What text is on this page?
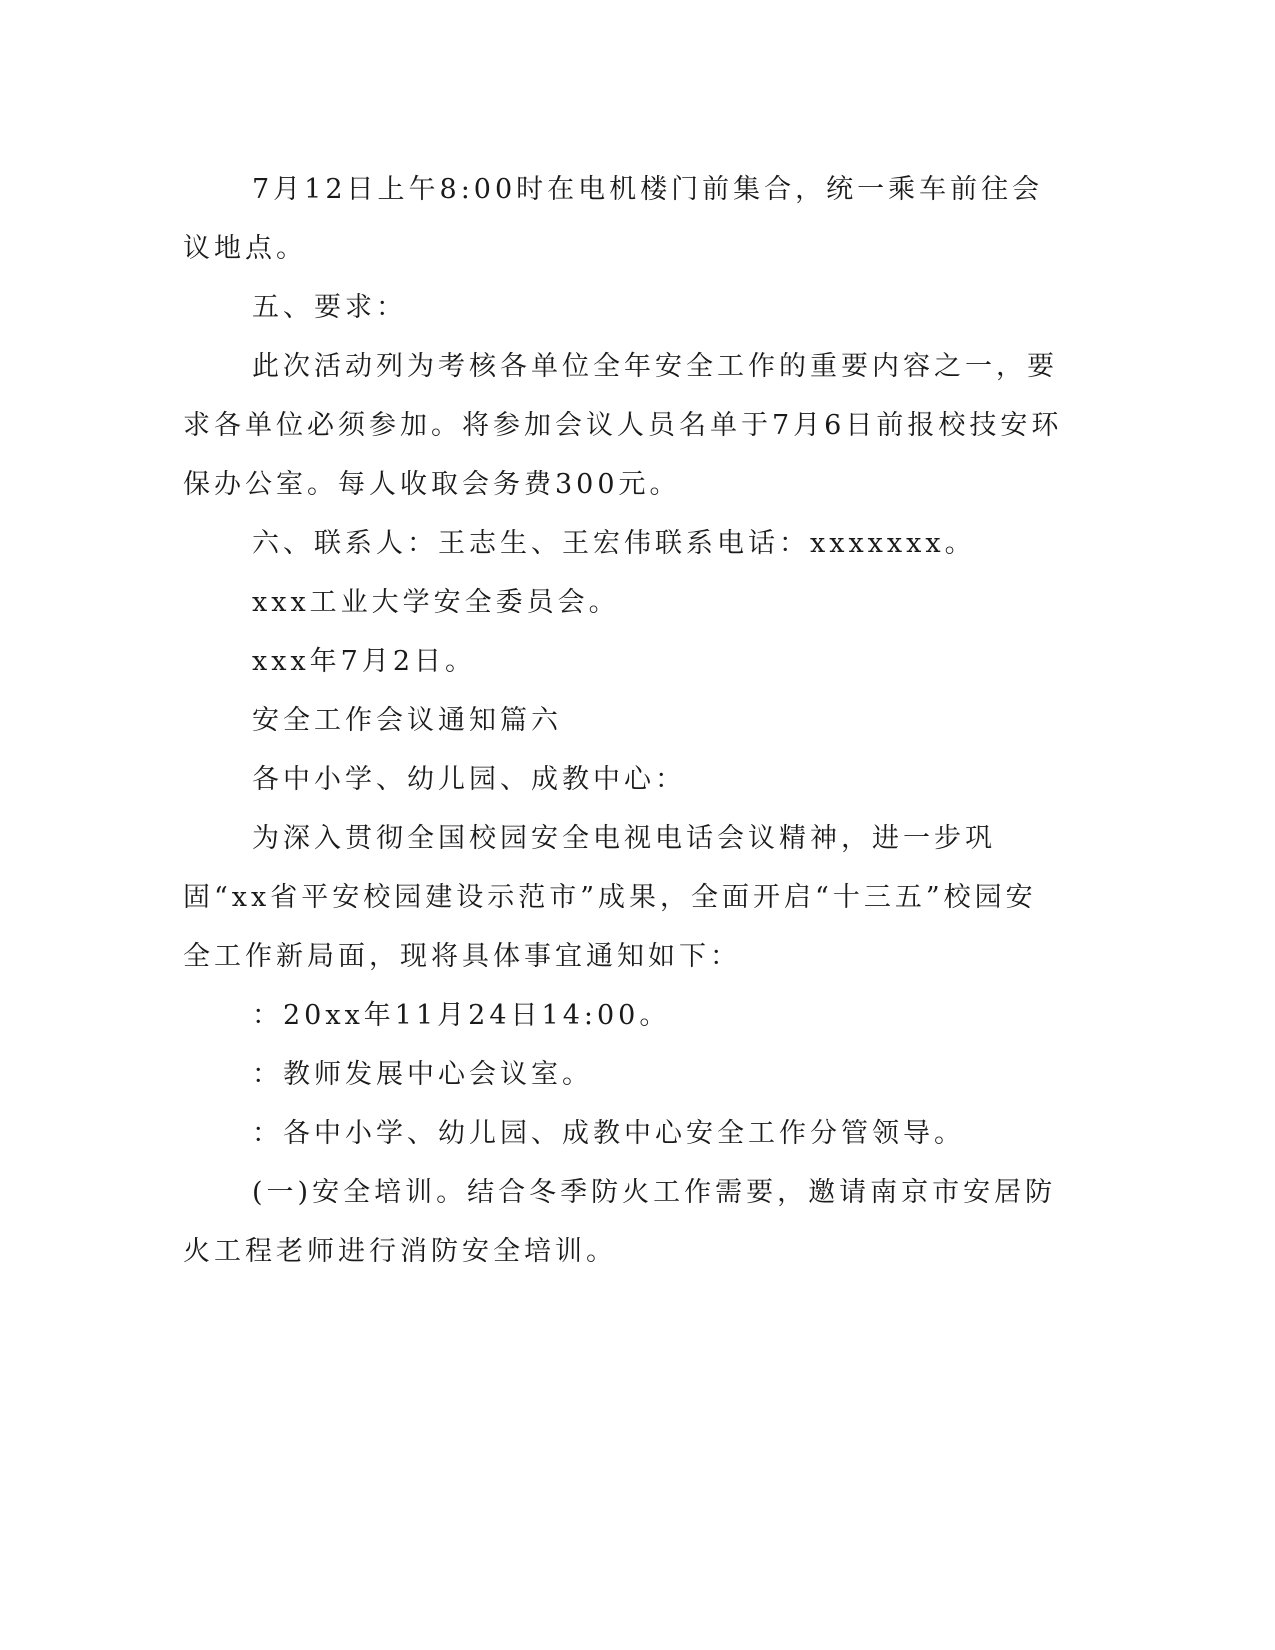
7月12日上午8:00时在电机楼门前集合，统一乘车前往会议地点。

五、要求：

此次活动列为考核各单位全年安全工作的重要内容之一，要求各单位必须参加。将参加会议人员名单于7月6日前报校技安环保办公室。每人收取会务费300元。

六、联系人：王志生、王宏伟联系电话：xxxxxxx。

xxx工业大学安全委员会。

xxx年7月2日。

安全工作会议通知篇六

各中小学、幼儿园、成教中心：

为深入贯彻全国校园安全电视电话会议精神，进一步巩固“xx省平安校园建设示范市”成果，全面开启“十三五”校园安全工作新局面，现将具体事宜通知如下：

：20xx年11月24日14:00。

：教师发展中心会议室。

：各中小学、幼儿园、成教中心安全工作分管领导。

(一)安全培训。结合冬季防火工作需要，邀请南京市安居防火工程老师进行消防安全培训。
